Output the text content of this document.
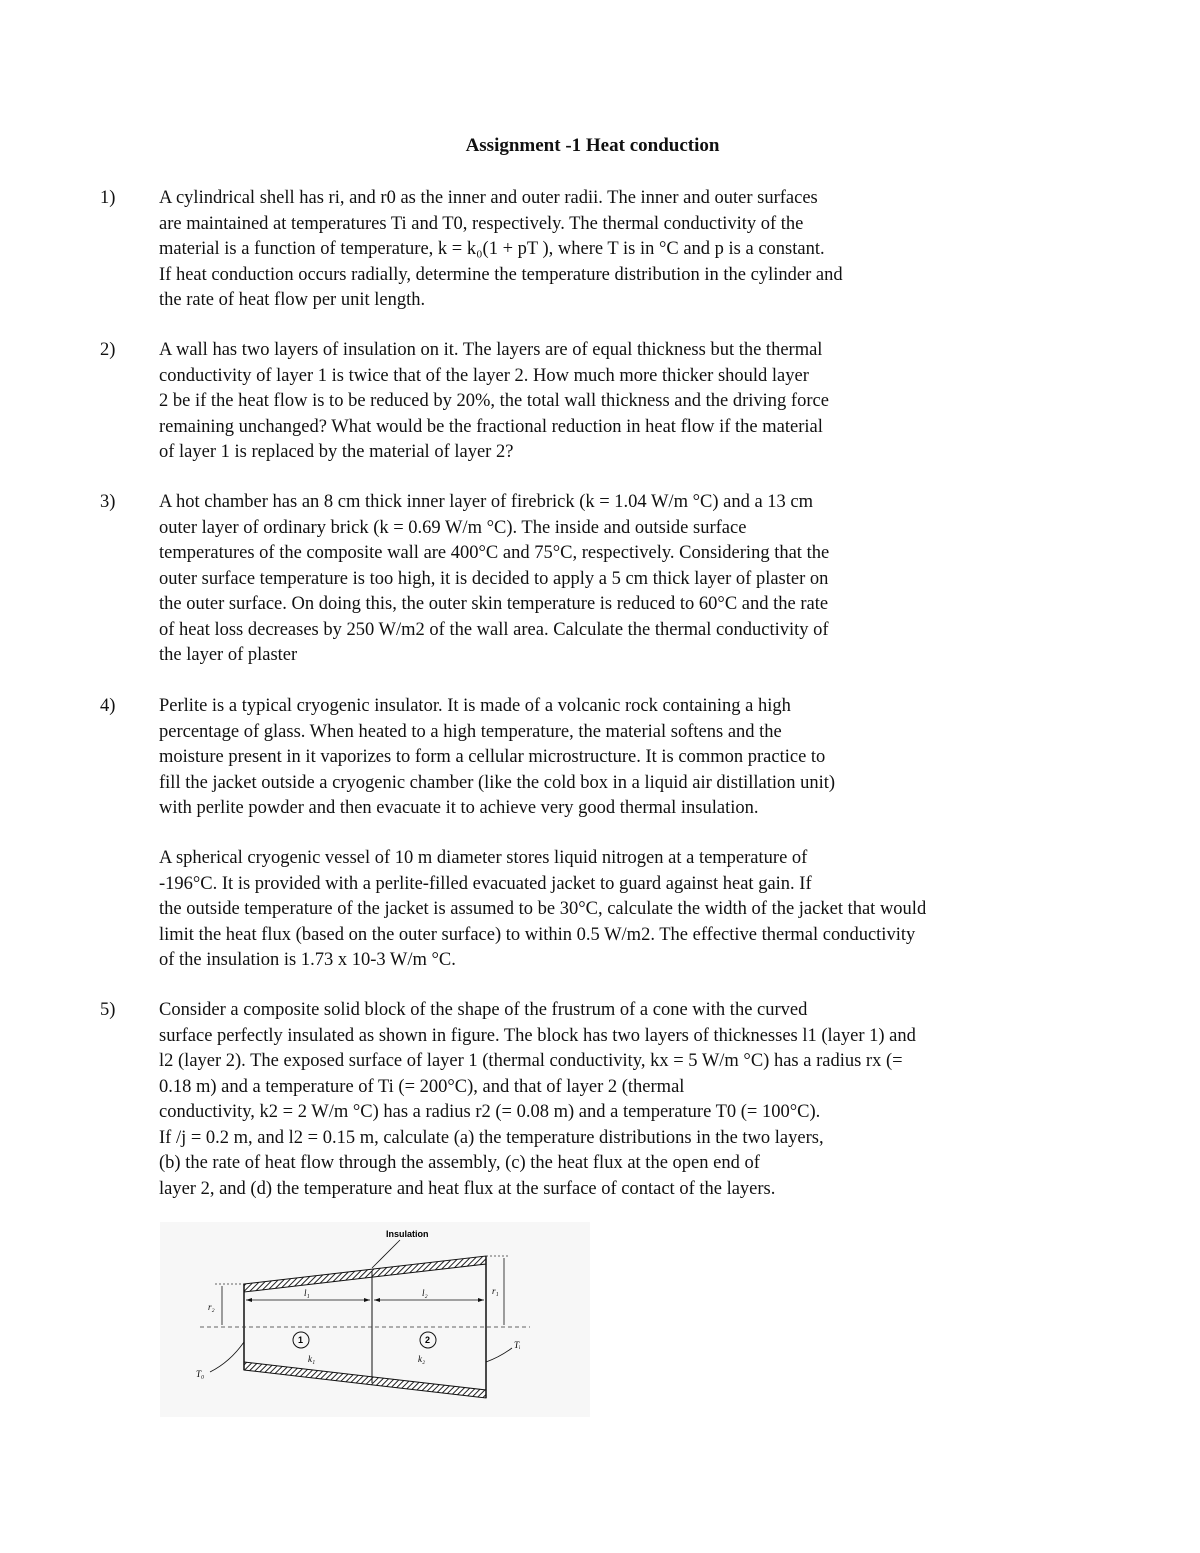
Assignment -1 Heat conduction
1) A cylindrical shell has ri, and r0 as the inner and outer radii. The inner and outer surfaces
are maintained at temperatures Ti and T0, respectively. The thermal conductivity of the
material is a function of temperature, k = k₀(1 + pT ), where T is in °C and p is a constant.
If heat conduction occurs radially, determine the temperature distribution in the cylinder and
the rate of heat flow per unit length.
2) A wall has two layers of insulation on it. The layers are of equal thickness but the thermal
conductivity of layer 1 is twice that of the layer 2. How much more thicker should layer
2 be if the heat flow is to be reduced by 20%, the total wall thickness and the driving force
remaining unchanged? What would be the fractional reduction in heat flow if the material
of layer 1 is replaced by the material of layer 2?
3) A hot chamber has an 8 cm thick inner layer of firebrick (k = 1.04 W/m °C) and a 13 cm
outer layer of ordinary brick (k = 0.69 W/m °C). The inside and outside surface
temperatures of the composite wall are 400°C and 75°C, respectively. Considering that the
outer surface temperature is too high, it is decided to apply a 5 cm thick layer of plaster on
the outer surface. On doing this, the outer skin temperature is reduced to 60°C and the rate
of heat loss decreases by 250 W/m2 of the wall area. Calculate the thermal conductivity of
the layer of plaster
4) Perlite is a typical cryogenic insulator. It is made of a volcanic rock containing a high
percentage of glass. When heated to a high temperature, the material softens and the
moisture present in it vaporizes to form a cellular microstructure. It is common practice to
fill the jacket outside a cryogenic chamber (like the cold box in a liquid air distillation unit)
with perlite powder and then evacuate it to achieve very good thermal insulation.
A spherical cryogenic vessel of 10 m diameter stores liquid nitrogen at a temperature of
-196°C. It is provided with a perlite-filled evacuated jacket to guard against heat gain. If
the outside temperature of the jacket is assumed to be 30°C, calculate the width of the jacket that would
limit the heat flux (based on the outer surface) to within 0.5 W/m2. The effective thermal conductivity
of the insulation is 1.73 x 10-3 W/m °C.
5) Consider a composite solid block of the shape of the frustrum of a cone with the curved
surface perfectly insulated as shown in figure. The block has two layers of thicknesses l1 (layer 1) and
l2 (layer 2). The exposed surface of layer 1 (thermal conductivity, kx = 5 W/m °C) has a radius rx (=
0.18 m) and a temperature of Ti (= 200°C), and that of layer 2 (thermal
conductivity, k2 = 2 W/m °C) has a radius r2 (= 0.08 m) and a temperature T0 (= 100°C).
If /j = 0.2 m, and l2 = 0.15 m, calculate (a) the temperature distributions in the two layers,
(b) the rate of heat flow through the assembly, (c) the heat flux at the open end of
layer 2, and (d) the temperature and heat flux at the surface of contact of the layers.
Insulation
l₁	l₂
r₂
r₁
1	2
k₁	k₂
T₀
Tᵢ
